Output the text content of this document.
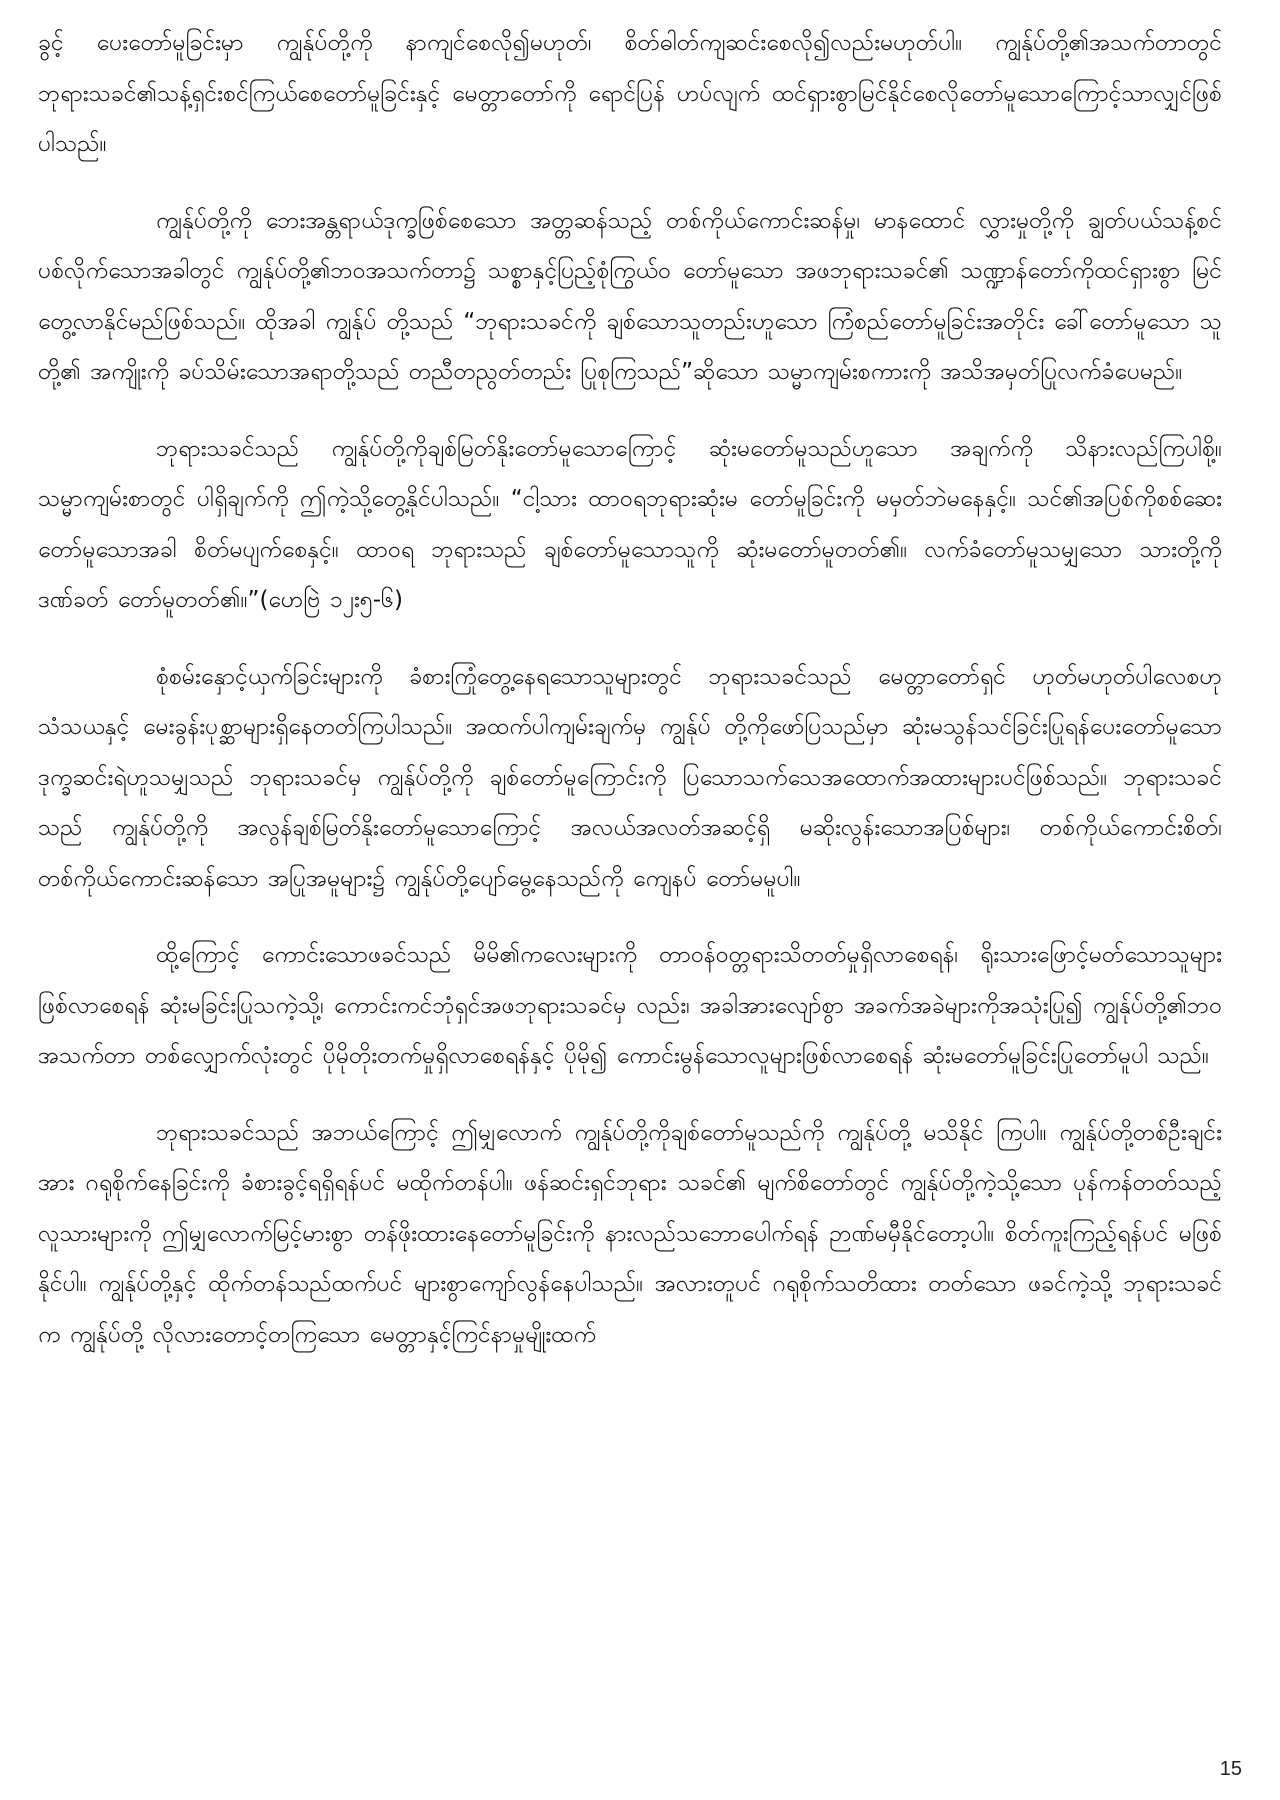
ခွင့် ပေးတော်မူခြင်းမှာ ကျွန်ုပ်တို့ကို နာကျင်စေလို၍မဟုတ်၊ စိတ်ဓါတ်ကျဆင်းစေလို၍လည်းမဟုတ်ပါ။ ကျွန်ုပ်တို့၏အသက်တာတွင် ဘုရားသခင်၏သန့်ရှင်းစင်ကြယ်စေတော်မူခြင်းနှင့် မေတ္တာတော်ကို ရောင်ပြန် ဟပ်လျက် ထင်ရှားစွာမြင်နိုင်စေလိုတော်မူသောကြောင့်သာလျှင်ဖြစ်ပါသည်။

ကျွန်ုပ်တို့ကို ဘေးအန္တရာယ်ဒုက္ခဖြစ်စေသော အတ္တဆန်သည့် တစ်ကိုယ်ကောင်းဆန်မှု၊ မာနထောင် လွှားမှုတို့ကို ချွတ်ပယ်သန့်စင်ပစ်လိုက်သောအခါတွင် ကျွန်ုပ်တို့၏ဘဝအသက်တာ၌ သစ္စာနှင့်ပြည့်စုံကြွယ်ဝ တော်မူသော အဖဘုရားသခင်၏ သဏ္ဍာန်တော်ကိုထင်ရှားစွာ မြင်တွေ့လာနိုင်မည်ဖြစ်သည်။ ထိုအခါ ကျွန်ုပ် တို့သည် “ဘုရားသခင်ကို ချစ်သောသူတည်းဟူသော ကြံစည်တော်မူခြင်းအတိုင်း ခေါ်တော်မူသော သူတို့၏ အကျိုးကို ခပ်သိမ်းသောအရာတို့သည် တညီတညွတ်တည်း ပြုစုကြသည်”ဆိုသော သမ္မာကျမ်းစကားကို အသိအမှတ်ပြုလက်ခံပေမည်။

ဘုရားသခင်သည် ကျွန်ုပ်တို့ကိုချစ်မြတ်နိုးတော်မူသောကြောင့် ဆုံးမတော်မူသည်ဟူသော အချက်ကို သိနားလည်ကြပါစို့။ သမ္မာကျမ်းစာတွင် ပါရှိချက်ကို ဤကဲ့သို့တွေ့နိုင်ပါသည်။ “ငါ့သား ထာဝရဘုရားဆုံးမ တော်မူခြင်းကို မမှတ်ဘဲမနေနှင့်။ သင်၏အပြစ်ကိုစစ်ဆေးတော်မူသောအခါ စိတ်မပျက်စေနှင့်။ ထာဝရ ဘုရားသည် ချစ်တော်မူသောသူကို ဆုံးမတော်မူတတ်၏။ လက်ခံတော်မူသမျှသော သားတို့ကို ဒဏ်ခတ် တော်မူတတ်၏။”(ဟေဗြဲ ၁၂း၅-၆)

စုံစမ်းနှောင့်ယှက်ခြင်းများကို ခံစားကြုံတွေ့နေရသောသူများတွင် ဘုရားသခင်သည် မေတ္တာတော်ရှင် ဟုတ်မဟုတ်ပါလေစဟု သံသယနှင့် မေးခွန်းပုစ္ဆာများရှိနေတတ်ကြပါသည်။ အထက်ပါကျမ်းချက်မှ ကျွန်ုပ် တို့ကိုဖော်ပြသည်မှာ ဆုံးမသွန်သင်ခြင်းပြုရန်ပေးတော်မူသော ဒုက္ခဆင်းရဲဟူသမျှသည် ဘုရားသခင်မှ ကျွန်ုပ်တို့ကို ချစ်တော်မူကြောင်းကို ပြသောသက်သေအထောက်အထားများပင်ဖြစ်သည်။ ဘုရားသခင်သည် ကျွန်ုပ်တို့ကို အလွန်ချစ်မြတ်နိုးတော်မူသောကြောင့် အလယ်အလတ်အဆင့်ရှိ မဆိုးလွန်းသောအပြစ်များ၊ တစ်ကိုယ်ကောင်းစိတ်၊ တစ်ကိုယ်ကောင်းဆန်သော အပြုအမူများ၌ ကျွန်ုပ်တို့ပျော်မွေ့နေသည်ကို ကျေနပ် တော်မမူပါ။

ထို့ကြောင့် ကောင်းသောဖခင်သည် မိမိ၏ကလေးများကို တာဝန်ဝတ္တရားသိတတ်မှုရှိလာစေရန်၊ ရိုးသားဖြောင့်မတ်သောသူများ ဖြစ်လာစေရန် ဆုံးမခြင်းပြုသကဲ့သို့၊ ကောင်းကင်ဘုံရှင်အဖဘုရားသခင်မှ လည်း၊ အခါအားလျော်စွာ အခက်အခဲများကိုအသုံးပြု၍ ကျွန်ုပ်တို့၏ဘဝအသက်တာ တစ်လျှောက်လုံးတွင် ပိုမိုတိုးတက်မှုရှိလာစေရန်နှင့် ပိုမို၍ ကောင်းမွန်သောလူများဖြစ်လာစေရန် ဆုံးမတော်မူခြင်းပြုတော်မူပါ သည်။

ဘုရားသခင်သည် အဘယ်ကြောင့် ဤမျှလောက် ကျွန်ုပ်တို့ကိုချစ်တော်မူသည်ကို ကျွန်ုပ်တို့ မသိနိုင် ကြပါ။ ကျွန်ုပ်တို့တစ်ဦးချင်းအား ဂရုစိုက်နေခြင်းကို ခံစားခွင့်ရရှိရန်ပင် မထိုက်တန်ပါ။ ဖန်ဆင်းရှင်ဘုရား သခင်၏ မျက်စိတော်တွင် ကျွန်ုပ်တို့ကဲ့သို့သော ပုန်ကန်တတ်သည့် လူသားများကို ဤမျှလောက်မြင့်မားစွာ တန်ဖိုးထားနေတော်မူခြင်းကို နားလည်သဘောပေါက်ရန် ဉာဏ်မမှီနိုင်တော့ပါ။ စိတ်ကူးကြည့်ရန်ပင် မဖြစ် နိုင်ပါ။ ကျွန်ုပ်တို့နှင့် ထိုက်တန်သည်ထက်ပင် များစွာကျော်လွန်နေပါသည်။ အလားတူပင် ဂရုစိုက်သတိထား တတ်သော ဖခင်ကဲ့သို့ ဘုရားသခင်က ကျွန်ုပ်တို့ လိုလားတောင့်တကြသော မေတ္တာနှင့်ကြင်နာမှုမျိုးထက်

15
